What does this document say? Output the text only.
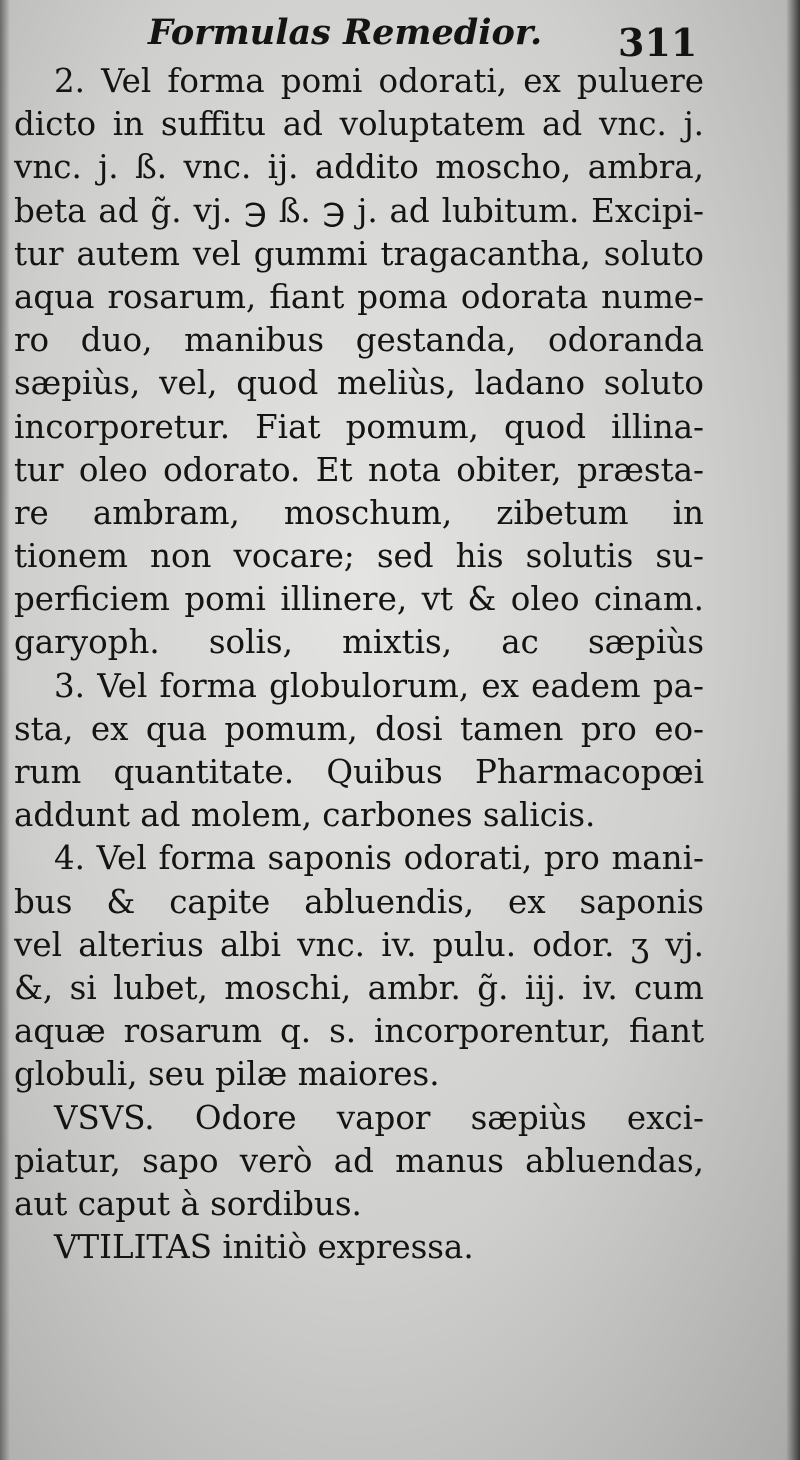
Formulas Remedior. 311
2. Vel forma pomi odorati, ex puluere
dicto in suffitu ad voluptatem ad vnc. j.
vnc. j. ß. vnc. ij. addito moscho, ambra,
beta ad g̃. vj. ℈ ß. ℈ j. ad lubitum. Excipi-
tur autem vel gummi tragacantha, soluto
aqua rosarum, fiant poma odorata nume-
ro duo, manibus gestanda, odoranda
sæpiùs, vel, quod meliùs, ladano soluto
incorporetur. Fiat pomum, quod illina-
tur oleo odorato. Et nota obiter, præsta-
re ambram, moschum, zibetum in
tionem non vocare; sed his solutis su-
perficiem pomi illinere, vt & oleo cinam.
garyoph. solis, mixtis, ac sæpiùs
3. Vel forma globulorum, ex eadem pa-
sta, ex qua pomum, dosi tamen pro eo-
rum quantitate. Quibus Pharmacopœi
addunt ad molem, carbones salicis.
4. Vel forma saponis odorati, pro mani-
bus & capite abluendis, ex saponis
vel alterius albi vnc. iv. pulu. odor. ʒ vj.
&, si lubet, moschi, ambr. g̃. iij. iv. cum
aquæ rosarum q. s. incorporentur, fiant
globuli, seu pilæ maiores.
VSVS. Odore vapor sæpiùs exci-
piatur, sapo verò ad manus abluendas,
aut caput à sordibus.
VTILITAS initiò expressa.
